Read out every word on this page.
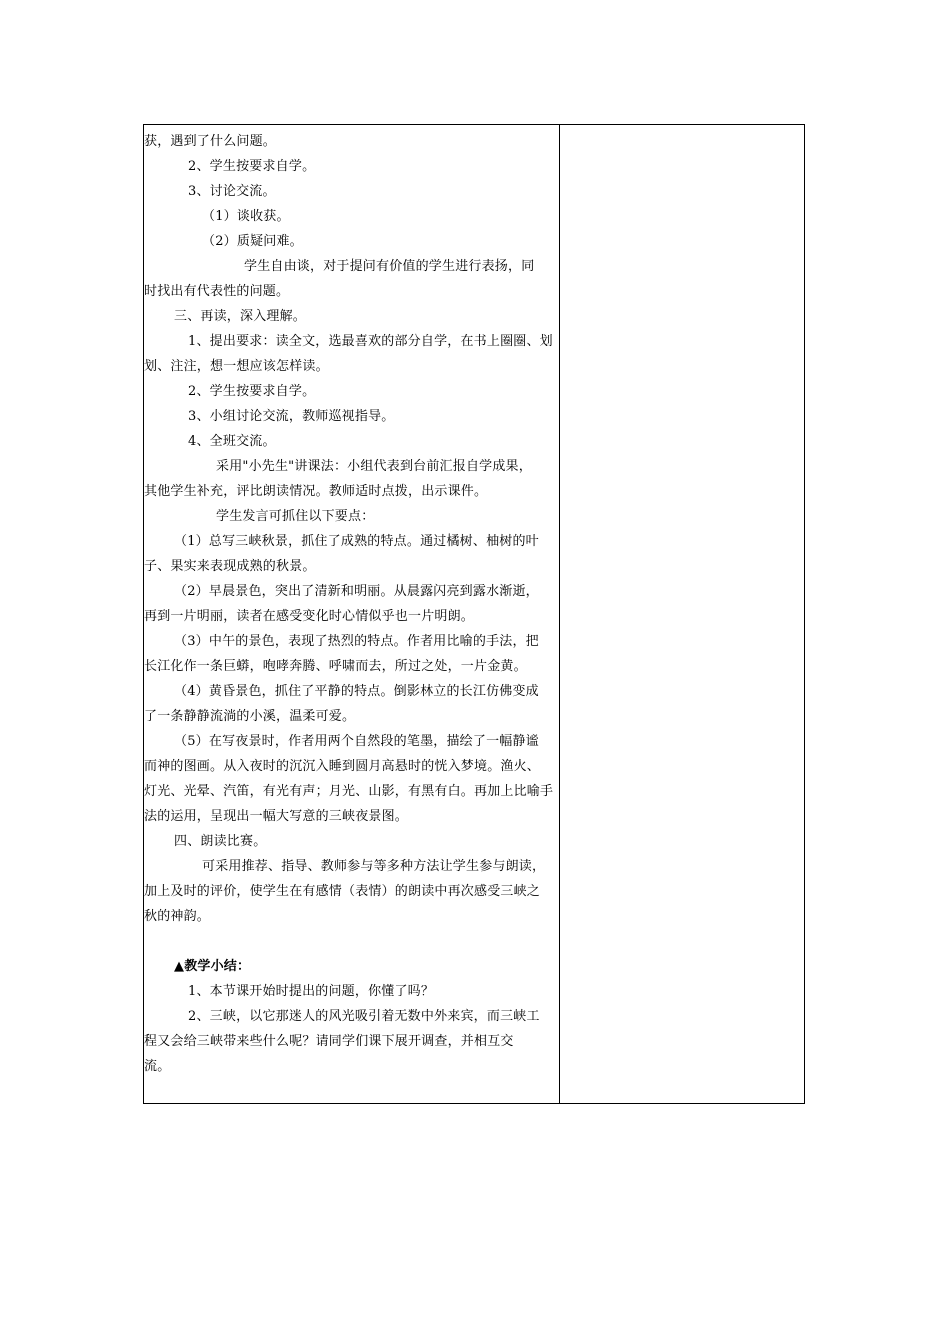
获，遇到了什么问题。
2、学生按要求自学。
3、讨论交流。
（1）谈收获。
（2）质疑问难。
学生自由谈，对于提问有价值的学生进行表扬，同
时找出有代表性的问题。
三、再读，深入理解。
1、提出要求：读全文，选最喜欢的部分自学，在书上圈圈、划
划、注注，想一想应该怎样读。
2、学生按要求自学。
3、小组讨论交流，教师巡视指导。
4、全班交流。
采用"小先生"讲课法：小组代表到台前汇报自学成果，
其他学生补充，评比朗读情况。教师适时点拨，出示课件。
学生发言可抓住以下要点：
（1）总写三峡秋景，抓住了成熟的特点。通过橘树、柚树的叶
子、果实来表现成熟的秋景。
（2）早晨景色，突出了清新和明丽。从晨露闪亮到露水渐逝，
再到一片明丽，读者在感受变化时心情似乎也一片明朗。
（3）中午的景色，表现了热烈的特点。作者用比喻的手法，把
长江化作一条巨蟒，咆哮奔腾、呼啸而去，所过之处，一片金黄。
（4）黄昏景色，抓住了平静的特点。倒影林立的长江仿佛变成
了一条静静流淌的小溪，温柔可爱。
（5）在写夜景时，作者用两个自然段的笔墨，描绘了一幅静谧
而神的图画。从入夜时的沉沉入睡到圆月高悬时的恍入梦境。渔火、
灯光、光晕、汽笛，有光有声；月光、山影，有黑有白。再加上比喻手
法的运用，呈现出一幅大写意的三峡夜景图。
四、朗读比赛。
可采用推荐、指导、教师参与等多种方法让学生参与朗读，
加上及时的评价，使学生在有感情（表情）的朗读中再次感受三峡之
秋的神韵。
▲教学小结：
1、本节课开始时提出的问题，你懂了吗？
2、三峡，以它那迷人的风光吸引着无数中外来宾，而三峡工
程又会给三峡带来些什么呢？请同学们课下展开调查，并相互交
流。
